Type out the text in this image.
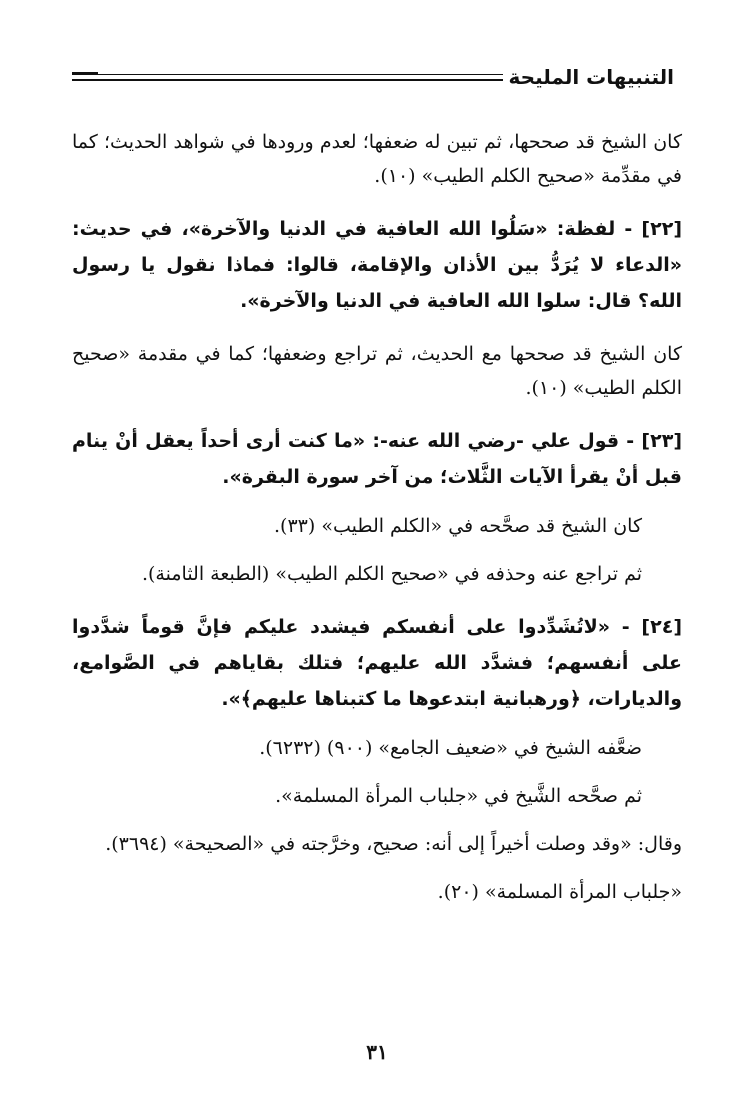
التنبيهات المليحة

كان الشيخ قد صححها، ثم تبين له ضعفها؛ لعدم ورودها في شواهد الحديث؛ كما في مقدِّمة «صحيح الكلم الطيب» (١٠).

[٢٢] - لفظة: «سَلُوا الله العافية في الدنيا والآخرة»، في حديث: «الدعاء لا يُرَدُّ بين الأذان والإقامة، قالوا: فماذا نقول يا رسول الله؟ قال: سلوا الله العافية في الدنيا والآخرة».

كان الشيخ قد صححها مع الحديث، ثم تراجع وضعفها؛ كما في مقدمة «صحيح الكلم الطيب» (١٠).

[٢٣] - قول علي -رضي الله عنه-: «ما كنت أرى أحداً يعقل أنْ ينام قبل أنْ يقرأ الآيات الثَّلاث؛ من آخر سورة البقرة».

كان الشيخ قد صحَّحه في «الكلم الطيب» (٣٣).

ثم تراجع عنه وحذفه في «صحيح الكلم الطيب» (الطبعة الثامنة).

[٢٤] - «لاتُشَدِّدوا على أنفسكم فيشدد عليكم فإنَّ قوماً شدَّدوا على أنفسهم؛ فشدَّد الله عليهم؛ فتلك بقاياهم في الصَّوامع، والديارات، ﴿ورهبانية ابتدعوها ما كتبناها عليهم﴾».

ضعَّفه الشيخ في «ضعيف الجامع» (٩٠٠) (٦٢٣٢).

ثم صحَّحه الشَّيخ في «جلباب المرأة المسلمة».

وقال: «وقد وصلت أخيراً إلى أنه: صحيح، وخرَّجته في «الصحيحة» (٣٦٩٤).

«جلباب المرأة المسلمة» (٢٠).

٣١
